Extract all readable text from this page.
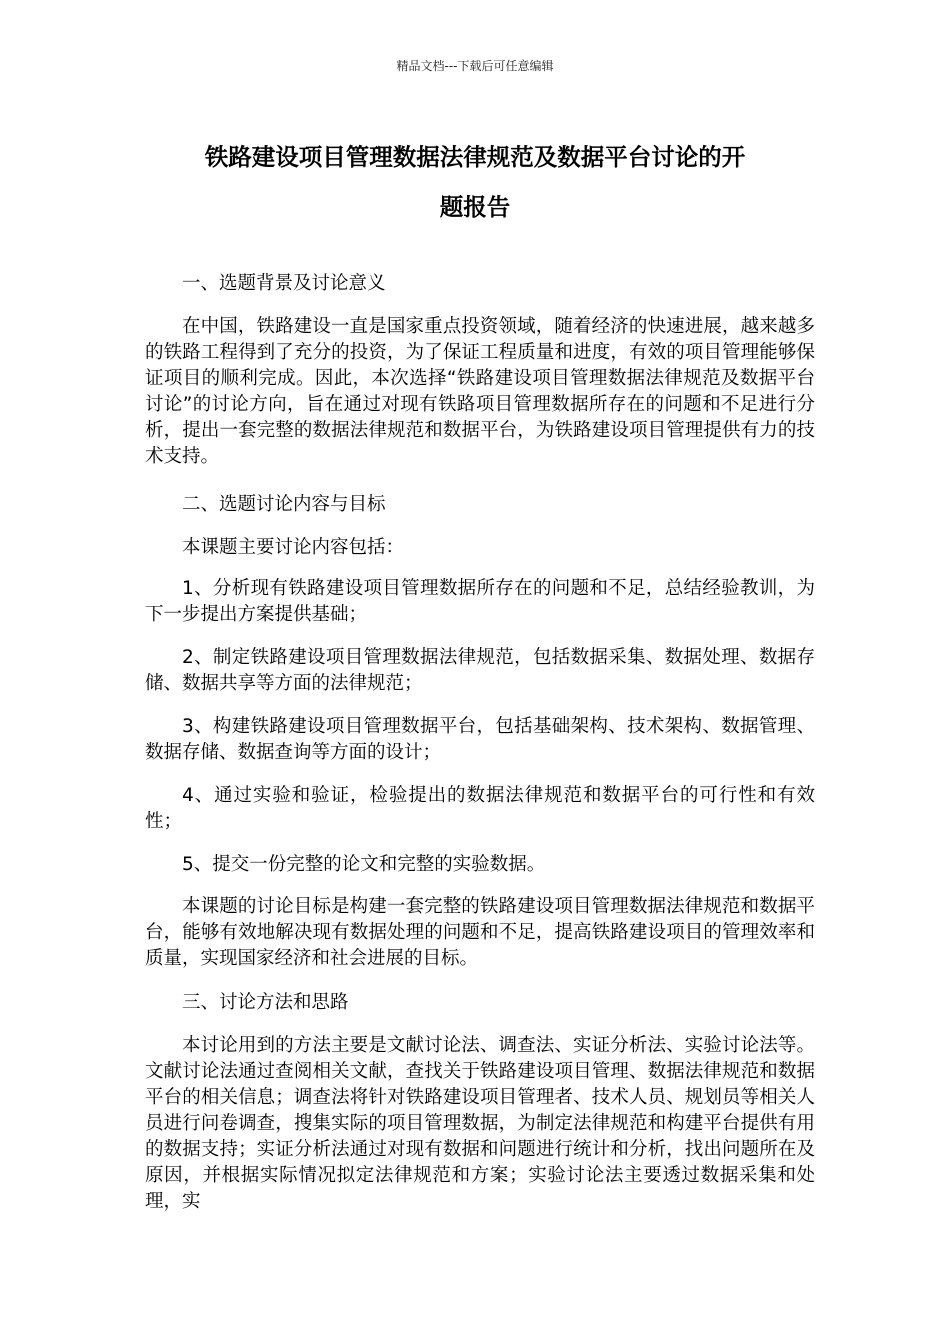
精品文档---下载后可任意编辑
铁路建设项目管理数据法律规范及数据平台讨论的开
题报告

一、选题背景及讨论意义

在中国，铁路建设一直是国家重点投资领域，随着经济的快速进展，越来越多的铁路工程得到了充分的投资，为了保证工程质量和进度，有效的项目管理能够保证项目的顺利完成。因此，本次选择“铁路建设项目管理数据法律规范及数据平台讨论”的讨论方向，旨在通过对现有铁路项目管理数据所存在的问题和不足进行分析，提出一套完整的数据法律规范和数据平台，为铁路建设项目管理提供有力的技术支持。

二、选题讨论内容与目标

本课题主要讨论内容包括：

1、分析现有铁路建设项目管理数据所存在的问题和不足，总结经验教训，为下一步提出方案提供基础；

2、制定铁路建设项目管理数据法律规范，包括数据采集、数据处理、数据存储、数据共享等方面的法律规范；

3、构建铁路建设项目管理数据平台，包括基础架构、技术架构、数据管理、数据存储、数据查询等方面的设计；

4、通过实验和验证，检验提出的数据法律规范和数据平台的可行性和有效性；

5、提交一份完整的论文和完整的实验数据。

本课题的讨论目标是构建一套完整的铁路建设项目管理数据法律规范和数据平台，能够有效地解决现有数据处理的问题和不足，提高铁路建设项目的管理效率和质量，实现国家经济和社会进展的目标。

三、讨论方法和思路

本讨论用到的方法主要是文献讨论法、调查法、实证分析法、实验讨论法等。文献讨论法通过查阅相关文献，查找关于铁路建设项目管理、数据法律规范和数据平台的相关信息；调查法将针对铁路建设项目管理者、技术人员、规划员等相关人员进行问卷调查，搜集实际的项目管理数据，为制定法律规范和构建平台提供有用的数据支持；实证分析法通过对现有数据和问题进行统计和分析，找出问题所在及原因，并根据实际情况拟定法律规范和方案；实验讨论法主要透过数据采集和处理，实
